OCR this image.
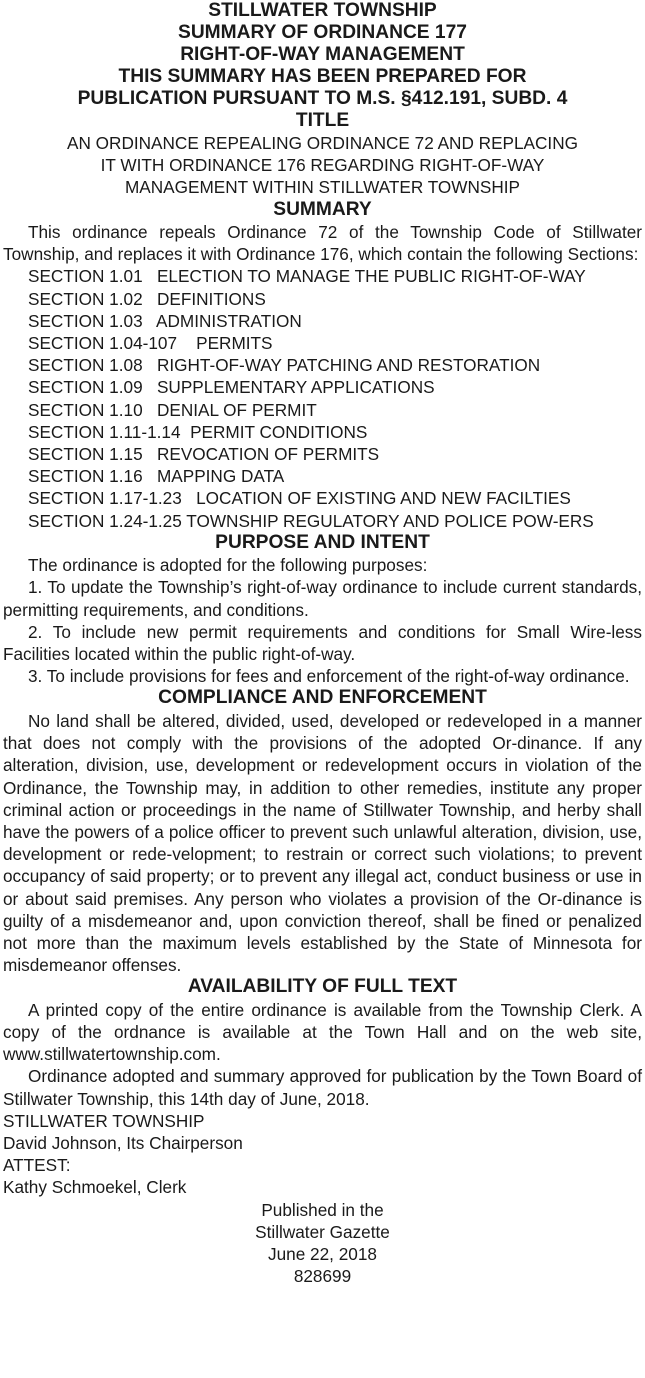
STILLWATER TOWNSHIP
SUMMARY OF ORDINANCE 177
RIGHT-OF-WAY MANAGEMENT
THIS SUMMARY HAS BEEN PREPARED FOR
PUBLICATION PURSUANT TO M.S. §412.191, SUBD. 4
TITLE
AN ORDINANCE REPEALING ORDINANCE 72 AND REPLACING
IT WITH ORDINANCE 176 REGARDING RIGHT-OF-WAY
MANAGEMENT WITHIN STILLWATER TOWNSHIP
SUMMARY

This ordinance repeals Ordinance 72 of the Township Code of Stillwater Township, and replaces it with Ordinance 176, which contain the following Sections:

SECTION 1.01   ELECTION TO MANAGE THE PUBLIC RIGHT-OF-WAY
SECTION 1.02   DEFINITIONS
SECTION 1.03   ADMINISTRATION
SECTION 1.04-107    PERMITS
SECTION 1.08   RIGHT-OF-WAY PATCHING AND RESTORATION
SECTION 1.09   SUPPLEMENTARY APPLICATIONS
SECTION 1.10   DENIAL OF PERMIT
SECTION 1.11-1.14  PERMIT CONDITIONS
SECTION 1.15   REVOCATION OF PERMITS
SECTION 1.16   MAPPING DATA
SECTION 1.17-1.23   LOCATION OF EXISTING AND NEW FACILTIES
SECTION 1.24-1.25 TOWNSHIP REGULATORY AND POLICE POW-ERS
PURPOSE AND INTENT

The ordinance is adopted for the following purposes:

1. To update the Township’s right-of-way ordinance to include current standards, permitting requirements, and conditions.

2. To include new permit requirements and conditions for Small Wire-less Facilities located within the public right-of-way.

3. To include provisions for fees and enforcement of the right-of-way ordinance.

COMPLIANCE AND ENFORCEMENT

No land shall be altered, divided, used, developed or redeveloped in a manner that does not comply with the provisions of the adopted Or-dinance. If any alteration, division, use, development or redevelopment occurs in violation of the Ordinance, the Township may, in addition to other remedies, institute any proper criminal action or proceedings in the name of Stillwater Township, and herby shall have the powers of a police officer to prevent such unlawful alteration, division, use, development or rede-velopment; to restrain or correct such violations; to prevent occupancy of said property; or to prevent any illegal act, conduct business or use in or about said premises. Any person who violates a provision of the Or-dinance is guilty of a misdemeanor and, upon conviction thereof, shall be fined or penalized not more than the maximum levels established by the State of Minnesota for misdemeanor offenses.

AVAILABILITY OF FULL TEXT

A printed copy of the entire ordinance is available from the Township Clerk. A copy of the ordnance is available at the Town Hall and on the web site, www.stillwatertownship.com.

Ordinance adopted and summary approved for publication by the Town Board of Stillwater Township, this 14th day of June, 2018.

STILLWATER TOWNSHIP
David Johnson, Its Chairperson
ATTEST:
Kathy Schmoekel, Clerk
Published in the
Stillwater Gazette
June 22, 2018
828699
